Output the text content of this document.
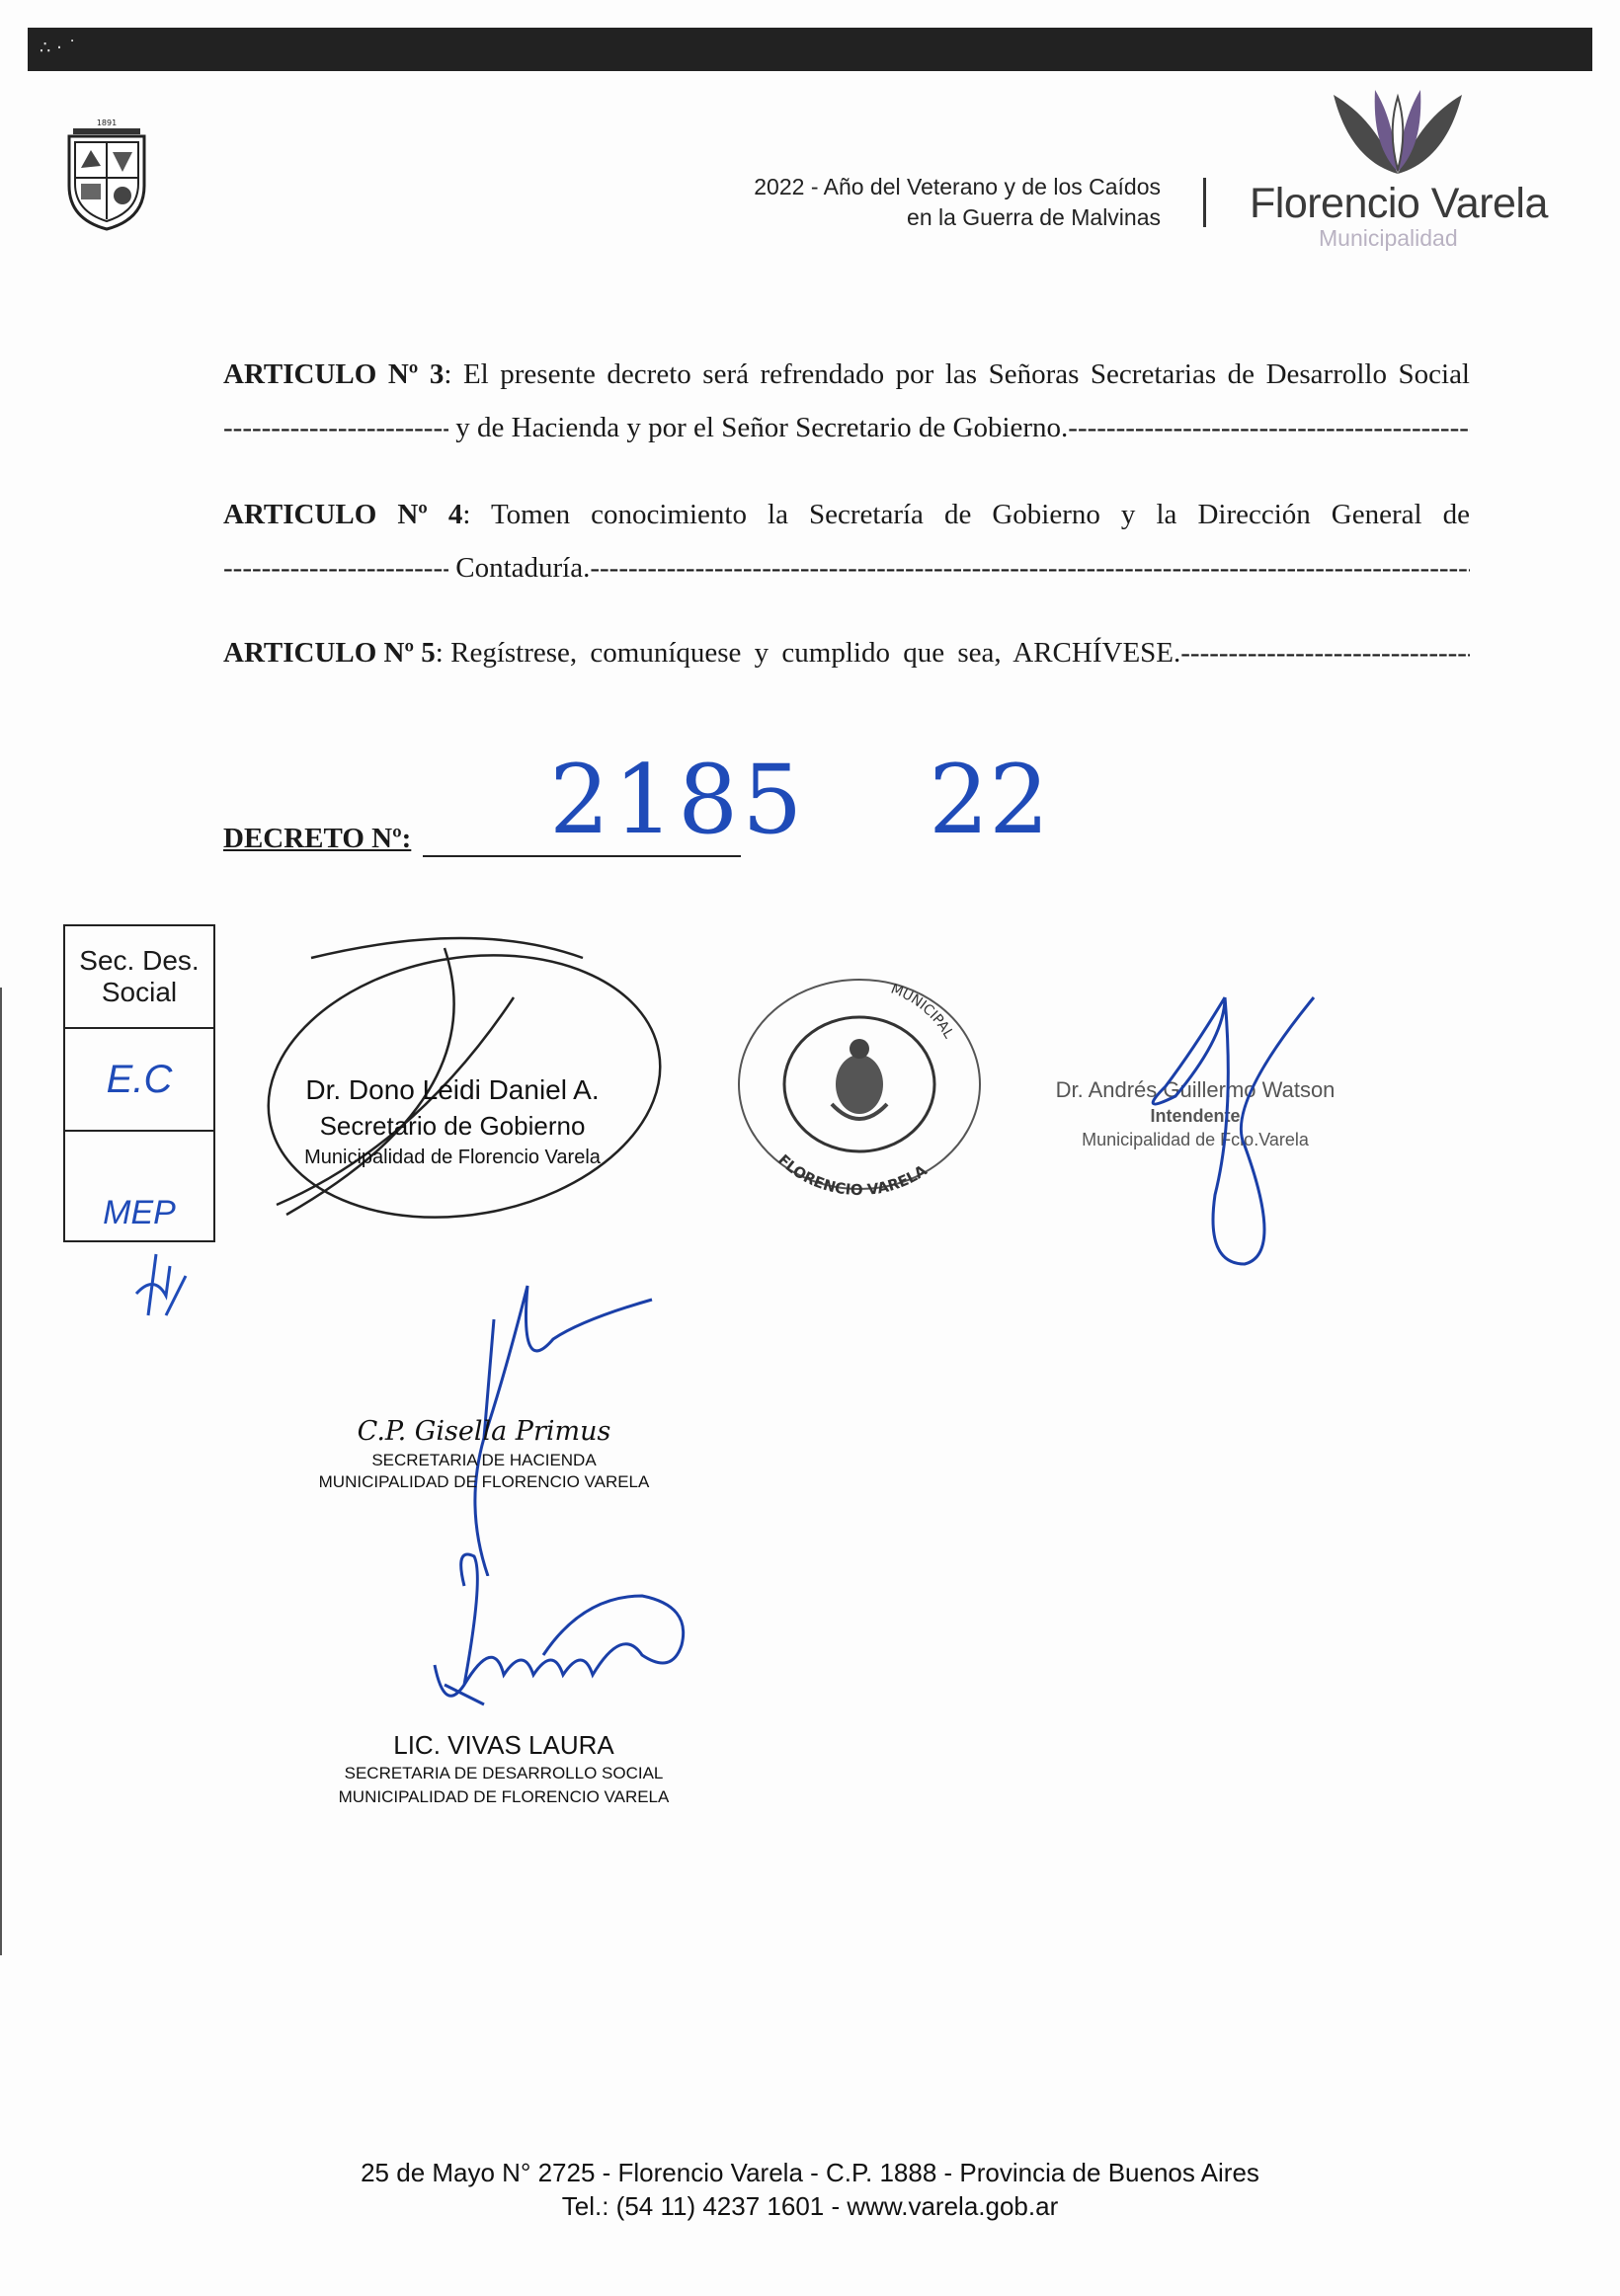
∴ · ˙
1891
2022 - Año del Veterano y de los Caídos
en la Guerra de Malvinas Florencio Varela
Municipalidad
ARTICULO Nº 3: El presente decreto será refrendado por las Señoras Secretarias de Desarrollo Social
-----

y de Hacienda y por el Señor Secretario de Gobierno.
-----
ARTICULO Nº 4: Tomen conocimiento la Secretaría de Gobierno y la Dirección General de
-----

Contaduría.
-----
ARTICULO Nº 5 : Regístrese, comuníquese y cumplido que sea, ARCHÍVESE.
-----
DECRETO Nº: 2185 22
Sec. Des. Social
E.C
MEP
Dr. Dono Leidi Daniel A.
Secretario de Gobierno
Municipalidad de Florencio Varela
MUNICIPAL
FLORENCIO VARELA
Dr. Andrés Guillermo Watson
Intendente
Municipalidad de Fcio.Varela
C.P. Gisella Primus
SECRETARIA DE HACIENDA
MUNICIPALIDAD DE FLORENCIO VARELA
LIC. VIVAS LAURA
SECRETARIA DE DESARROLLO SOCIAL
MUNICIPALIDAD DE FLORENCIO VARELA
25 de Mayo N° 2725 - Florencio Varela - C.P. 1888 - Provincia de Buenos Aires
Tel.: (54 11) 4237 1601 - www.varela.gob.ar
